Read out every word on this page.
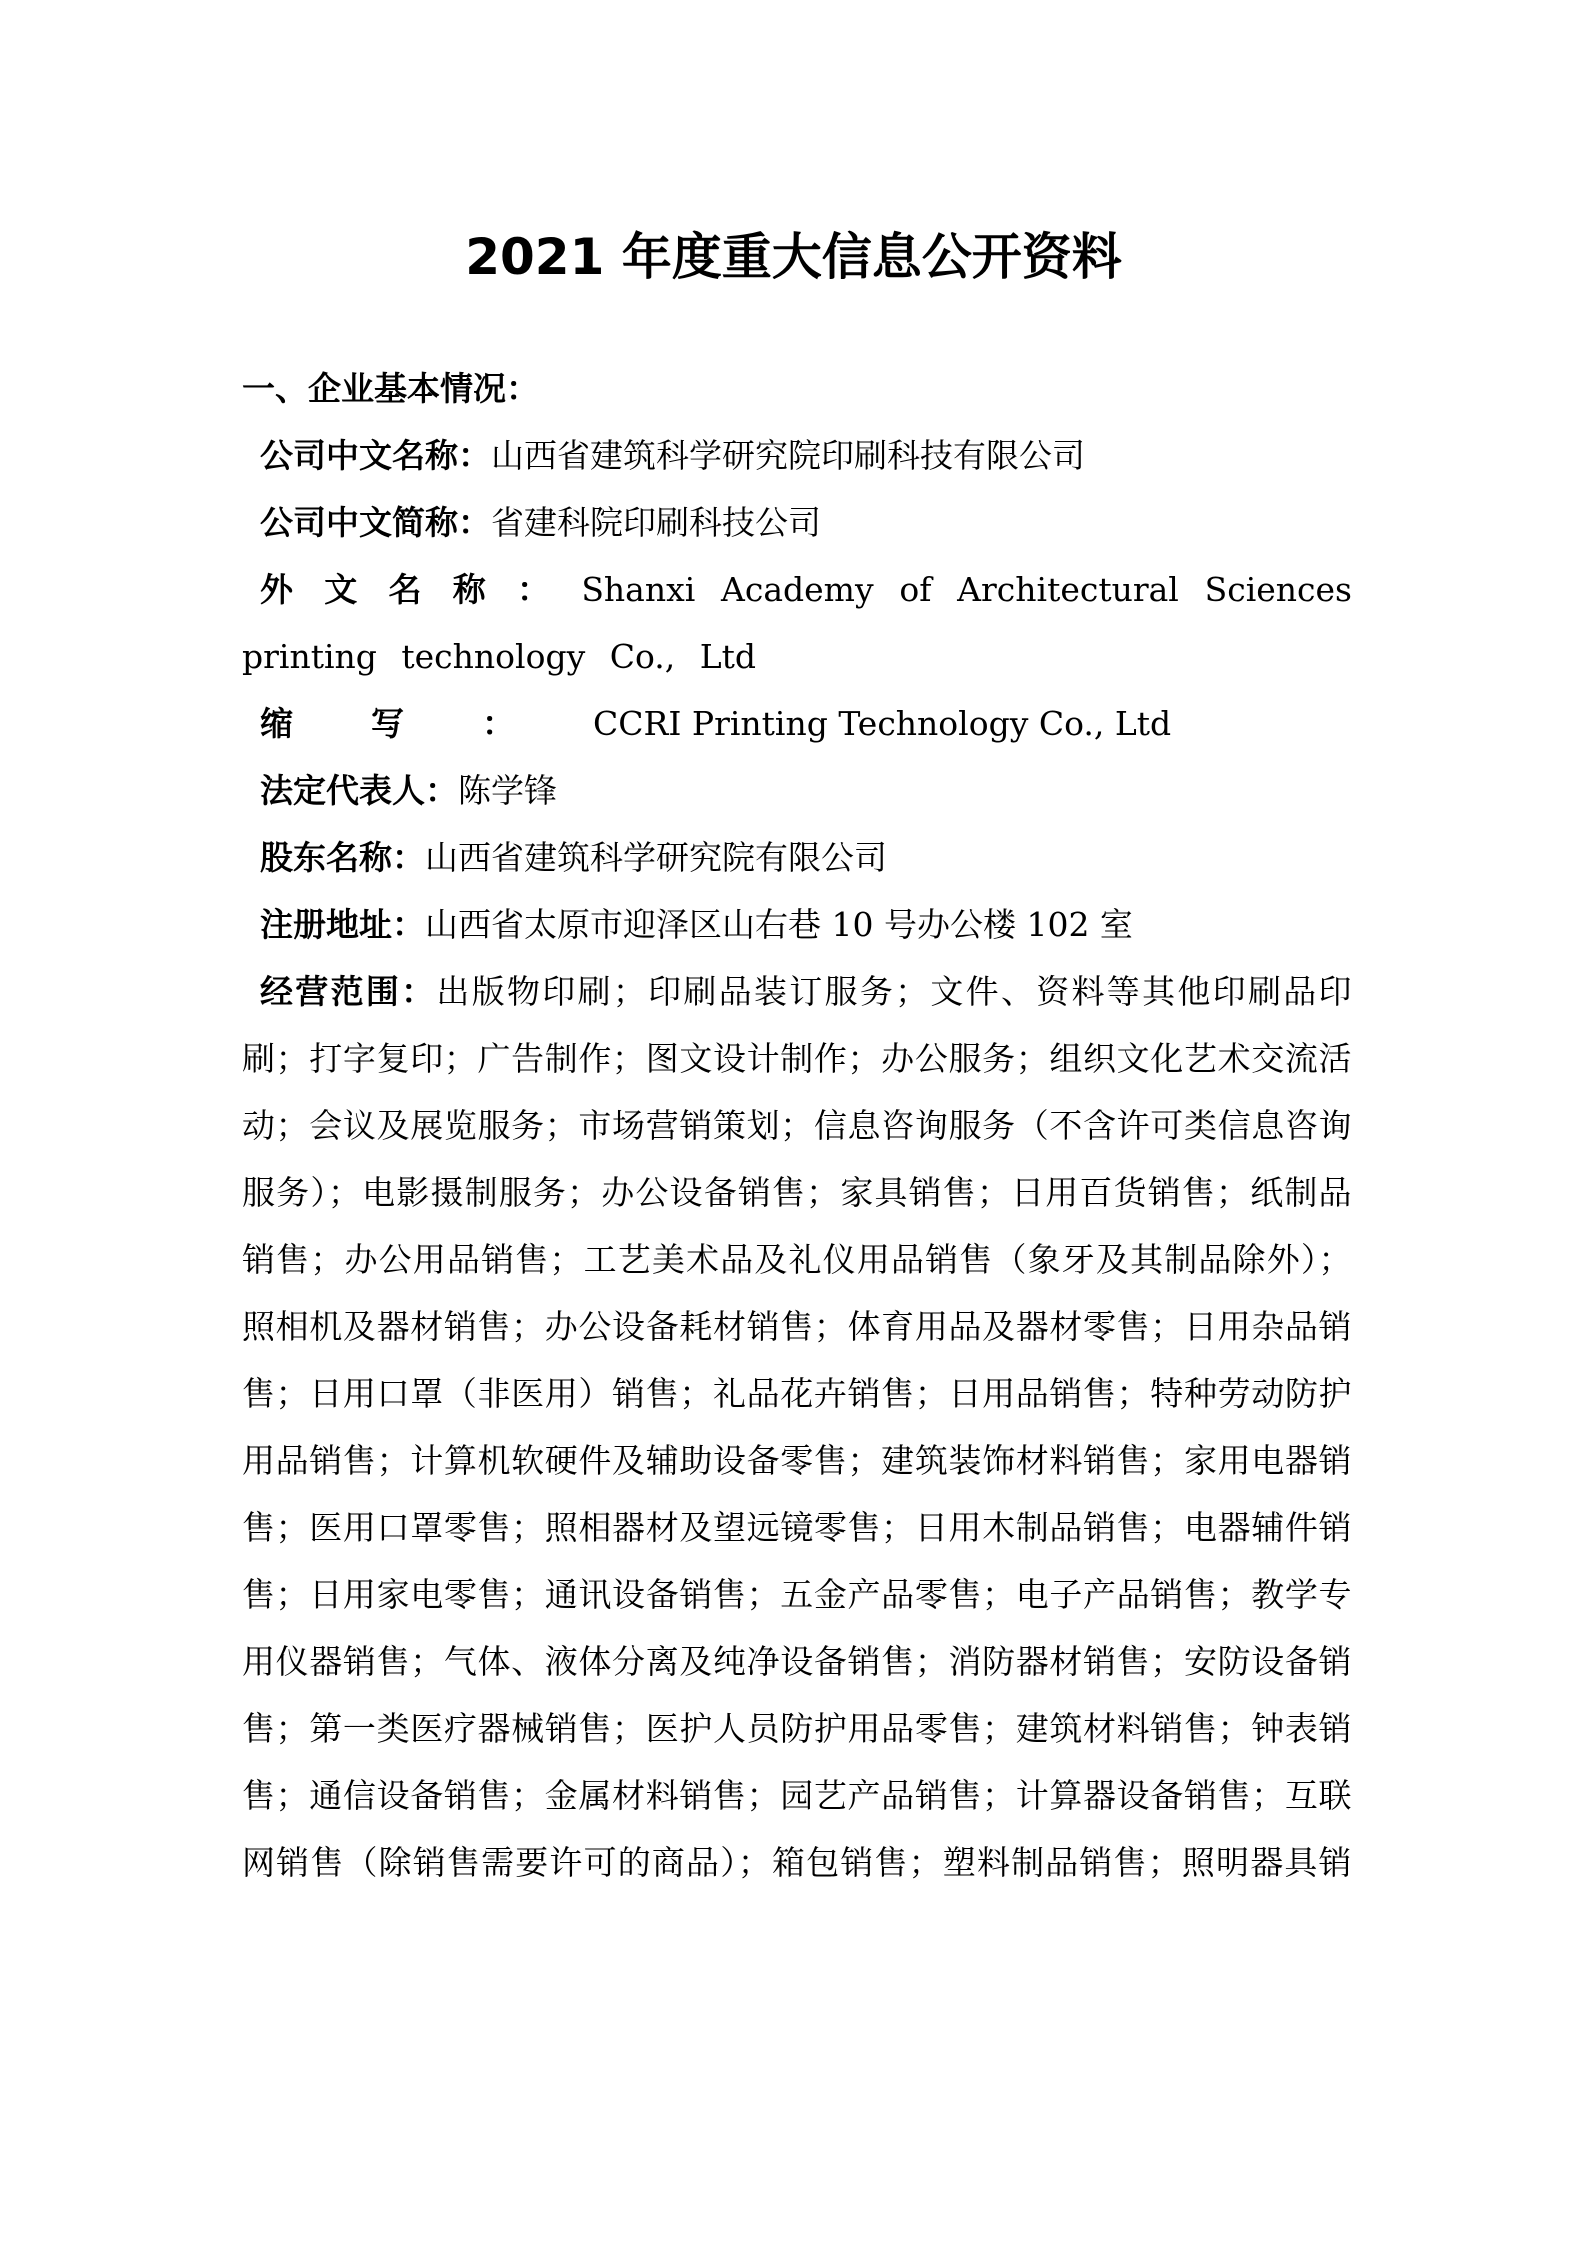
2021 年度重大信息公开资料

一、企业基本情况：

公司中文名称：山西省建筑科学研究院印刷科技有限公司

公司中文简称：省建科院印刷科技公司

外文名称：Shanxi Academy of Architectural Sciences printing technology Co., Ltd

缩写：CCRI Printing Technology Co., Ltd

法定代表人：陈学锋

股东名称：山西省建筑科学研究院有限公司

注册地址：山西省太原市迎泽区山右巷 10 号办公楼 102 室

经营范围：出版物印刷；印刷品装订服务；文件、资料等其他印刷品印刷；打字复印；广告制作；图文设计制作；办公服务；组织文化艺术交流活动；会议及展览服务；市场营销策划；信息咨询服务（不含许可类信息咨询服务）；电影摄制服务；办公设备销售；家具销售；日用百货销售；纸制品销售；办公用品销售；工艺美术品及礼仪用品销售（象牙及其制品除外）；照相机及器材销售；办公设备耗材销售；体育用品及器材零售；日用杂品销售；日用口罩（非医用）销售；礼品花卉销售；日用品销售；特种劳动防护用品销售；计算机软硬件及辅助设备零售；建筑装饰材料销售；家用电器销售；医用口罩零售；照相器材及望远镜零售；日用木制品销售；电器辅件销售；日用家电零售；通讯设备销售；五金产品零售；电子产品销售；教学专用仪器销售；气体、液体分离及纯净设备销售；消防器材销售；安防设备销售；第一类医疗器械销售；医护人员防护用品零售；建筑材料销售；钟表销售；通信设备销售；金属材料销售；园艺产品销售；计算器设备销售；互联网销售（除销售需要许可的商品）；箱包销售；塑料制品销售；照明器具销
